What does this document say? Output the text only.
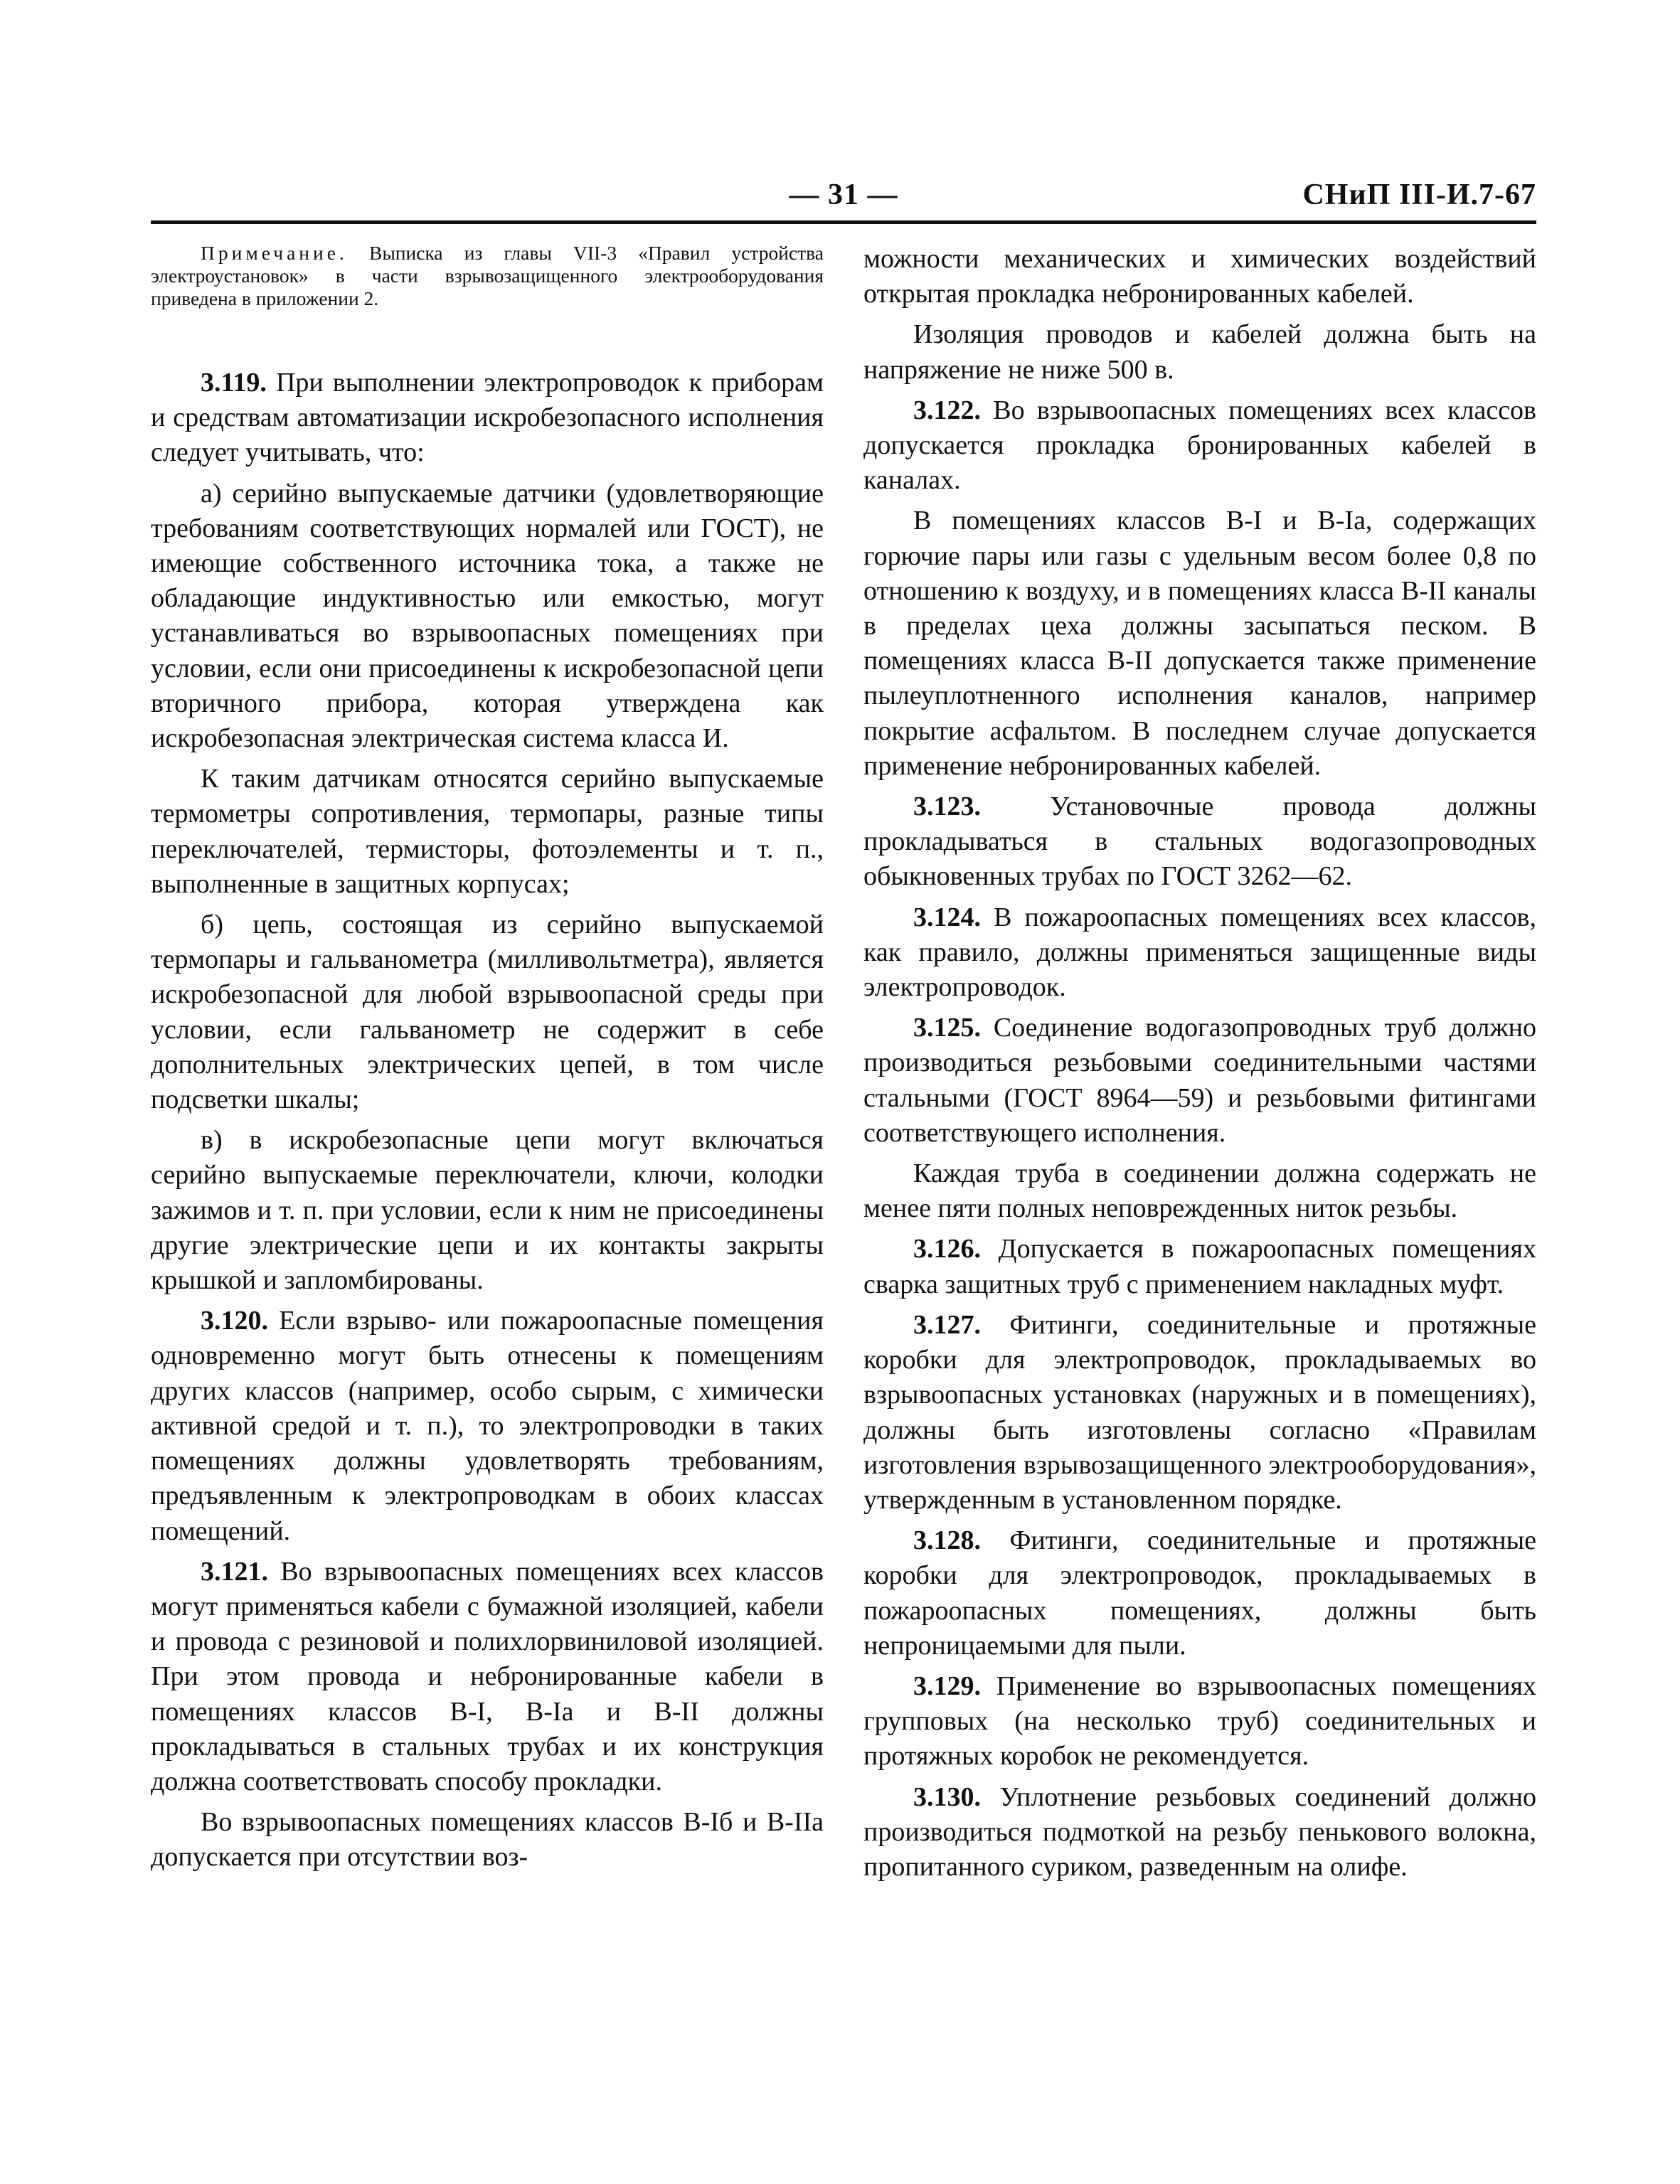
— 31 —	СНиП III-И.7-67
Примечание. Выписка из главы VII-3 «Правил устройства электроустановок» в части взрывозащищенного электрооборудования приведена в приложении 2.

3.119. При выполнении электропроводок к приборам и средствам автоматизации искробезопасного исполнения следует учитывать, что:

а) серийно выпускаемые датчики (удовлетворяющие требованиям соответствующих нормалей или ГОСТ), не имеющие собственного источника тока, а также не обладающие индуктивностью или емкостью, могут устанавливаться во взрывоопасных помещениях при условии, если они присоединены к искробезопасной цепи вторичного прибора, которая утверждена как искробезопасная электрическая система класса И.

К таким датчикам относятся серийно выпускаемые термометры сопротивления, термопары, разные типы переключателей, термисторы, фотоэлементы и т. п., выполненные в защитных корпусах;

б) цепь, состоящая из серийно выпускаемой термопары и гальванометра (милливольтметра), является искробезопасной для любой взрывоопасной среды при условии, если гальванометр не содержит в себе дополнительных электрических цепей, в том числе подсветки шкалы;

в) в искробезопасные цепи могут включаться серийно выпускаемые переключатели, ключи, колодки зажимов и т. п. при условии, если к ним не присоединены другие электрические цепи и их контакты закрыты крышкой и запломбированы.

3.120. Если взрыво- или пожароопасные помещения одновременно могут быть отнесены к помещениям других классов (например, особо сырым, с химически активной средой и т. п.), то электропроводки в таких помещениях должны удовлетворять требованиям, предъявленным к электропроводкам в обоих классах помещений.

3.121. Во взрывоопасных помещениях всех классов могут применяться кабели с бумажной изоляцией, кабели и провода с резиновой и полихлорвиниловой изоляцией. При этом провода и небронированные кабели в помещениях классов В-I, В-Ia и В-II должны прокладываться в стальных трубах и их конструкция должна соответствовать способу прокладки.

Во взрывоопасных помещениях классов В-Iб и В-IIа допускается при отсутствии воз-

можности механических и химических воздействий открытая прокладка небронированных кабелей.

Изоляция проводов и кабелей должна быть на напряжение не ниже 500 в.

3.122. Во взрывоопасных помещениях всех классов допускается прокладка бронированных кабелей в каналах.

В помещениях классов В-I и В-Ia, содержащих горючие пары или газы с удельным весом более 0,8 по отношению к воздуху, и в помещениях класса В-II каналы в пределах цеха должны засыпаться песком. В помещениях класса В-II допускается также применение пылеуплотненного исполнения каналов, например покрытие асфальтом. В последнем случае допускается применение небронированных кабелей.

3.123. Установочные провода должны прокладываться в стальных водогазопроводных обыкновенных трубах по ГОСТ 3262—62.

3.124. В пожароопасных помещениях всех классов, как правило, должны применяться защищенные виды электропроводок.

3.125. Соединение водогазопроводных труб должно производиться резьбовыми соединительными частями стальными (ГОСТ 8964—59) и резьбовыми фитингами соответствующего исполнения.

Каждая труба в соединении должна содержать не менее пяти полных неповрежденных ниток резьбы.

3.126. Допускается в пожароопасных помещениях сварка защитных труб с применением накладных муфт.

3.127. Фитинги, соединительные и протяжные коробки для электропроводок, прокладываемых во взрывоопасных установках (наружных и в помещениях), должны быть изготовлены согласно «Правилам изготовления взрывозащищенного электрооборудования», утвержденным в установленном порядке.

3.128. Фитинги, соединительные и протяжные коробки для электропроводок, прокладываемых в пожароопасных помещениях, должны быть непроницаемыми для пыли.

3.129. Применение во взрывоопасных помещениях групповых (на несколько труб) соединительных и протяжных коробок не рекомендуется.

3.130. Уплотнение резьбовых соединений должно производиться подмоткой на резьбу пенькового волокна, пропитанного суриком, разведенным на олифе.
